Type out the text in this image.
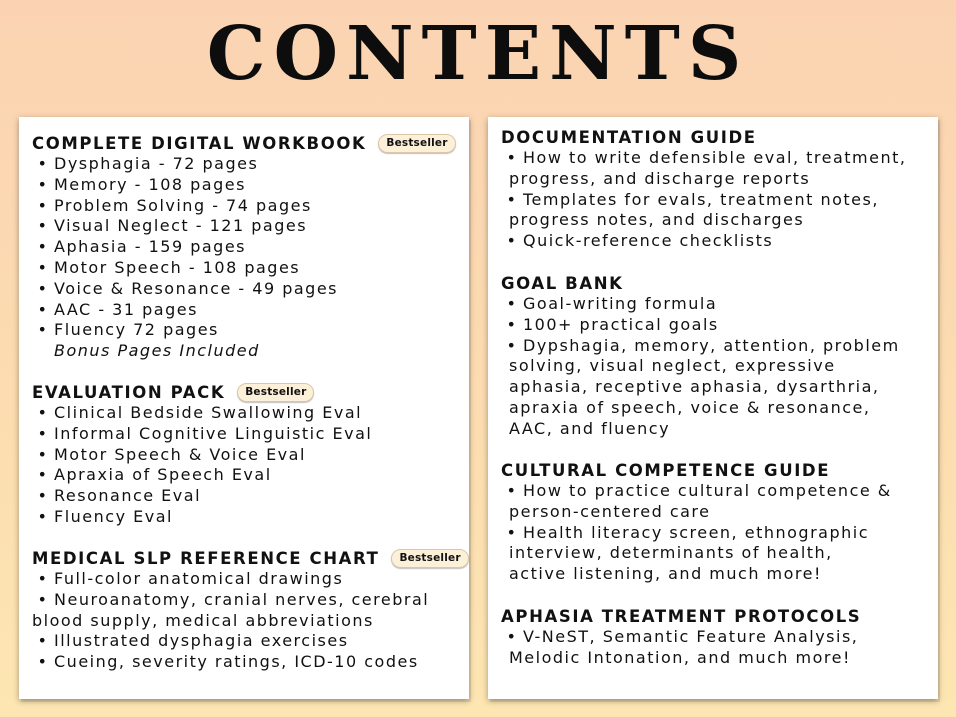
CONTENTS
COMPLETE DIGITAL WORKBOOK	Bestseller
• Dysphagia - 72 pages
• Memory - 108 pages
• Problem Solving - 74 pages
• Visual Neglect - 121 pages
• Aphasia - 159 pages
• Motor Speech - 108 pages
• Voice & Resonance - 49 pages
• AAC - 31 pages
• Fluency 72 pages
Bonus Pages Included
EVALUATION PACK	Bestseller
• Clinical Bedside Swallowing Eval
• Informal Cognitive Linguistic Eval
• Motor Speech & Voice Eval
• Apraxia of Speech Eval
• Resonance Eval
• Fluency Eval
MEDICAL SLP REFERENCE CHART	Bestseller
• Full-color anatomical drawings
• Neuroanatomy, cranial nerves, cerebral
blood supply, medical abbreviations
• Illustrated dysphagia exercises
• Cueing, severity ratings, ICD-10 codes
DOCUMENTATION GUIDE
• How to write defensible eval, treatment,
progress, and discharge reports
• Templates for evals, treatment notes,
progress notes, and discharges
• Quick-reference checklists
GOAL BANK
• Goal-writing formula
• 100+ practical goals
• Dypshagia, memory, attention, problem
solving, visual neglect, expressive
aphasia, receptive aphasia, dysarthria,
apraxia of speech, voice & resonance,
AAC, and fluency
CULTURAL COMPETENCE GUIDE
• How to practice cultural competence &
person-centered care
• Health literacy screen, ethnographic
interview, determinants of health,
active listening, and much more!
APHASIA TREATMENT PROTOCOLS
• V-NeST, Semantic Feature Analysis,
Melodic Intonation, and much more!
